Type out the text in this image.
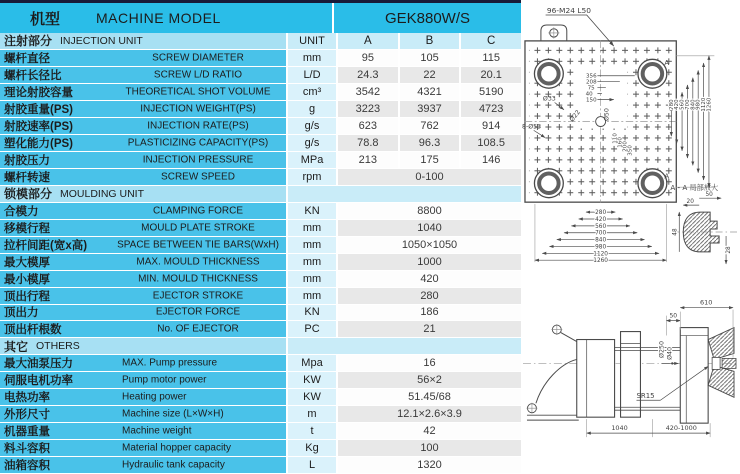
机型	MACHINE MODEL	GEK880W/S
注射部分 INJECTION UNIT	UNIT	A	B	C
螺杆直径	SCREW DIAMETER	mm	95	105	115
螺杆长径比	SCREW L/D RATIO	L/D	24.3	22	20.1
理论射胶容量	THEORETICAL SHOT VOLUME	cm³	3542	4321	5190
射胶重量(PS)	INJECTION WEIGHT(PS)	g	3223	3937	4723
射胶速率(PS)	INJECTION RATE(PS)	g/s	623	762	914
塑化能力(PS)	PLASTICIZING CAPACITY(PS)	g/s	78.8	96.3	108.5
射胶压力	INJECTION PRESSURE	MPa	213	175	146
螺杆转速	SCREW SPEED	rpm	0-100
锁模部分 MOULDING UNIT
合模力	CLAMPING FORCE	KN	8800
移模行程	MOULD PLATE STROKE	mm	1040
拉杆间距(宽x高)	SPACE BETWEEN TIE BARS(WxH)	mm	1050×1050
最大模厚	MAX. MOULD THICKNESS	mm	1000
最小模厚	MIN. MOULD THICKNESS	mm	420
顶出行程	EJECTOR STROKE	mm	280
顶出力	EJECTOR FORCE	KN	186
顶出杆根数	No. OF EJECTOR	PC	21
其它 OTHERS
最大油泵压力	MAX. Pump pressure	Mpa	16
伺服电机功率	Pump motor power	KW	56×2
电热功率	Heating power	KW	51.45/68
外形尺寸	Machine size (L×W×H)	m	12.1×2.6×3.9
机器重量	Machine weight	t	42
料斗容积	Material hopper capacity	Kg	100
油箱容积	Hydraulic tank capacity	L	1320
96-M24 L50
8-Ø53
Ø33
Ø22	Ø50
356
208
75
40
150
110
160
200
350
A
A
280
420
560
700
840
980
1120
1260
280 420 560 700 840 980 1120 1260
A - A 局部放大
20
50
48
28
Ø250 Ø40
SR15
50
610
1040	420-1000
